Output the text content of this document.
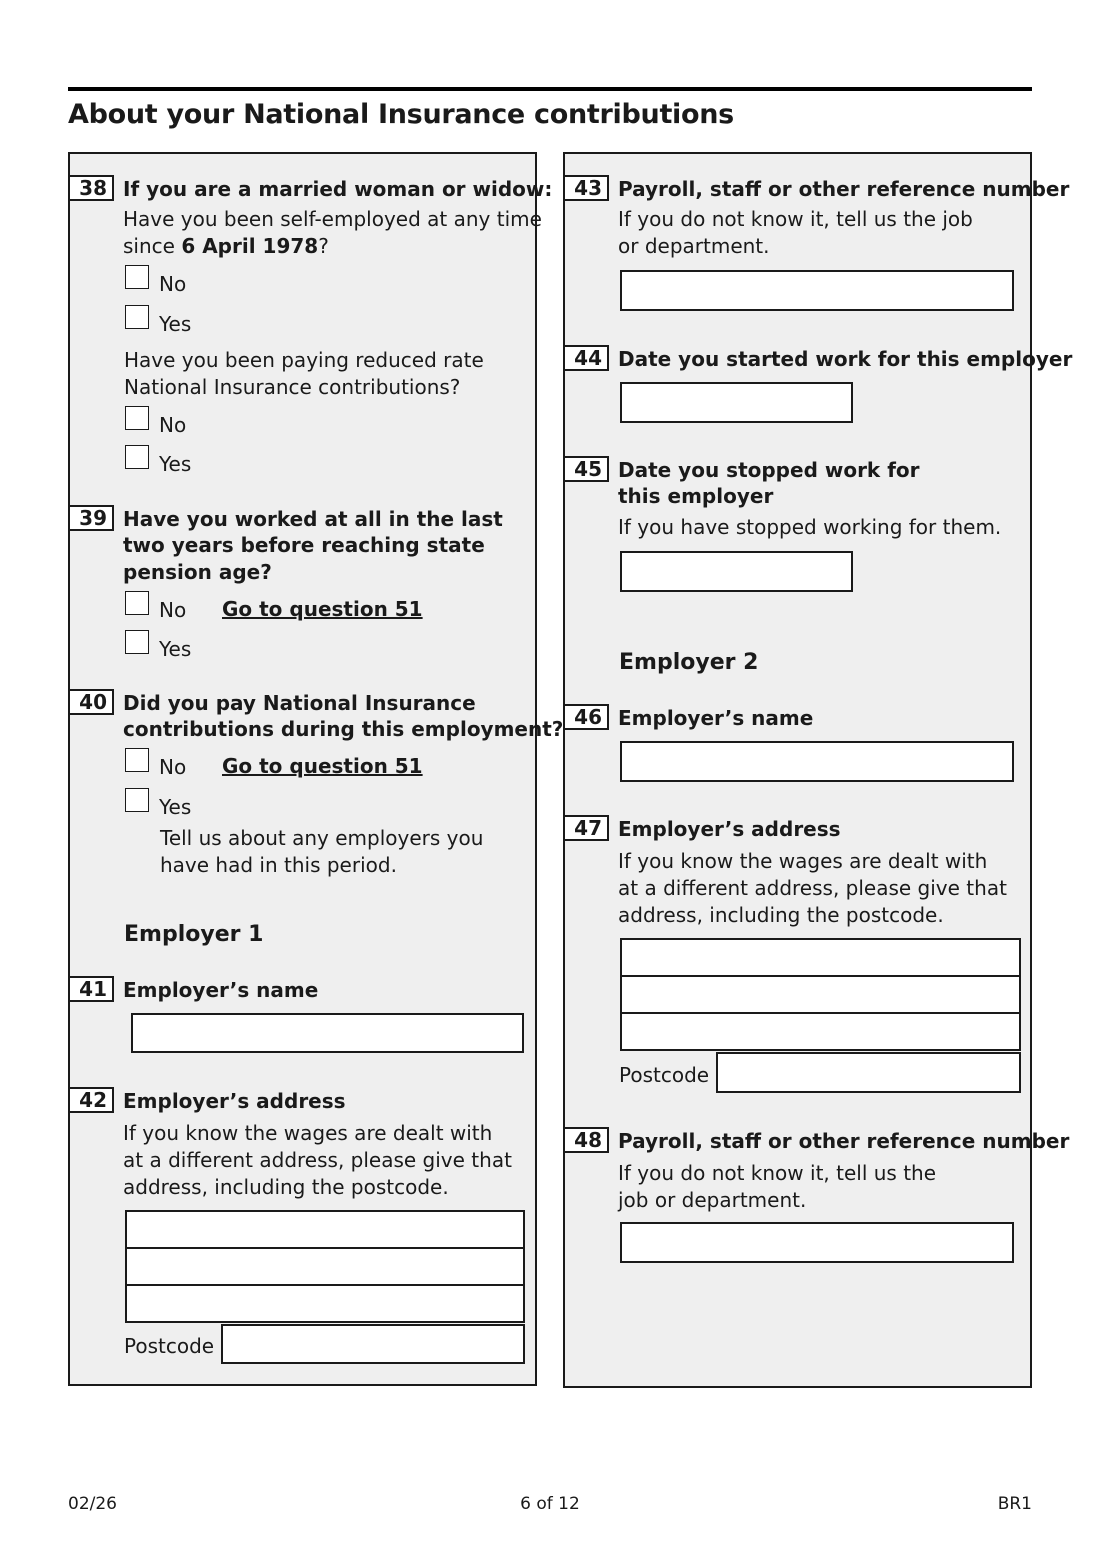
About your National Insurance contributions
38 If you are a married woman or widow:
Have you been self-employed at any time
since 6 April 1978?
No
Yes
Have you been paying reduced rate
National Insurance contributions?
No
Yes
39 Have you worked at all in the last
two years before reaching state
pension age?
No Go to question 51
Yes
40 Did you pay National Insurance
contributions during this employment?
No Go to question 51
Yes
Tell us about any employers you
have had in this period.
Employer 1
41 Employer’s name
42 Employer’s address
If you know the wages are dealt with
at a different address, please give that
address, including the postcode.
Postcode
43 Payroll, staff or other reference number
If you do not know it, tell us the job
or department.
44 Date you started work for this employer
45 Date you stopped work for
this employer
If you have stopped working for them.
Employer 2
46 Employer’s name
47 Employer’s address
If you know the wages are dealt with
at a different address, please give that
address, including the postcode.
Postcode
48 Payroll, staff or other reference number
If you do not know it, tell us the
job or department.
02/26	6 of 12	BR1
